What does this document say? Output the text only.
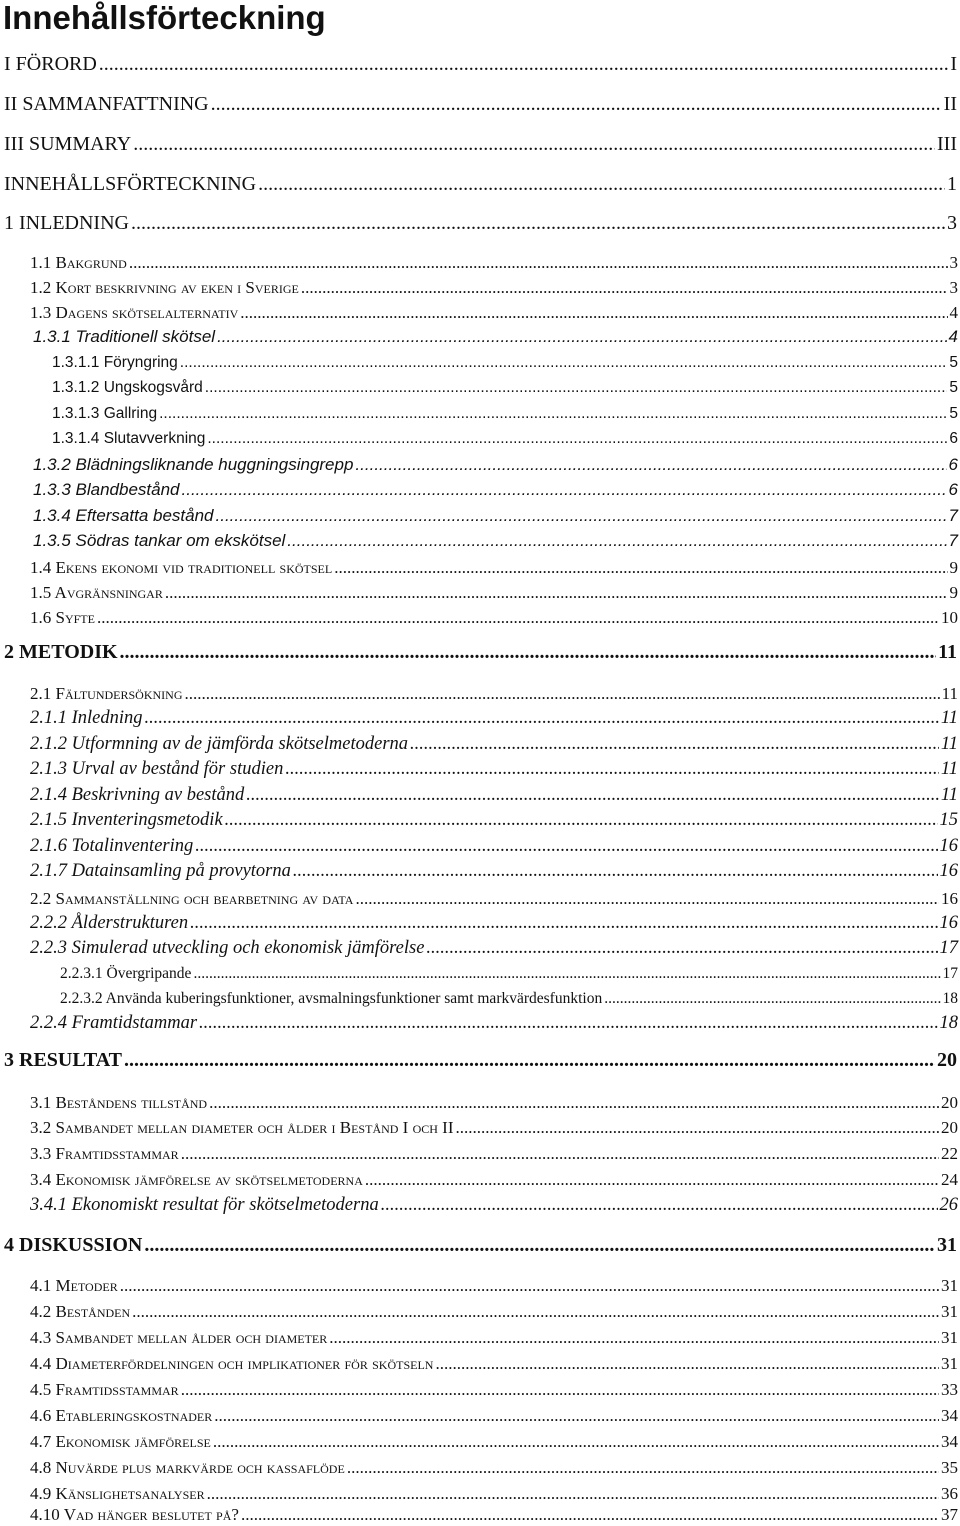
Innehållsförteckning
I FÖRORD .....	I
II SAMMANFATTNING .....	II
III SUMMARY .....	III
INNEHÅLLSFÖRTECKNING .....	1
1 INLEDNING .....	3
1.1 Bakgrund .....	3
1.2 Kort beskrivning av eken i Sverige .....	3
1.3 Dagens skötselalternativ .....	4
1.3.1 Traditionell skötsel .....	4
1.3.1.1 Föryngring .....	5
1.3.1.2 Ungskogsvård .....	5
1.3.1.3 Gallring .....	5
1.3.1.4 Slutavverkning .....	6
1.3.2 Blädningsliknande huggningsingrepp .....	6
1.3.3 Blandbestånd .....	6
1.3.4 Eftersatta bestånd .....	7
1.3.5 Södras tankar om ekskötsel .....	7
1.4 Ekens ekonomi vid traditionell skötsel .....	9
1.5 Avgränsningar .....	9
1.6 Syfte .....	10
2 METODIK .....	11
2.1 Fältundersökning .....	11
2.1.1 Inledning .....	11
2.1.2 Utformning av de jämförda skötselmetoderna .....	11
2.1.3 Urval av bestånd för studien .....	11
2.1.4 Beskrivning av bestånd .....	11
2.1.5 Inventeringsmetodik .....	15
2.1.6 Totalinventering .....	16
2.1.7 Datainsamling på provytorna .....	16
2.2 Sammanställning och bearbetning av data .....	16
2.2.2 Ålderstrukturen .....	16
2.2.3 Simulerad utveckling och ekonomisk jämförelse .....	17
2.2.3.1 Övergripande .....	17
2.2.3.2 Använda kuberingsfunktioner, avsmalningsfunktioner samt markvärdesfunktion .....	18
2.2.4 Framtidstammar .....	18
3 RESULTAT .....	20
3.1 Beståndens tillstånd .....	20
3.2 Sambandet mellan diameter och ålder i Bestånd I och II .....	20
3.3 Framtidsstammar .....	22
3.4 Ekonomisk jämförelse av skötselmetoderna .....	24
3.4.1 Ekonomiskt resultat för skötselmetoderna .....	26
4 DISKUSSION .....	31
4.1 Metoder .....	31
4.2 Bestånden .....	31
4.3 Sambandet mellan ålder och diameter .....	31
4.4 Diameterfördelningen och implikationer för skötseln .....	31
4.5 Framtidsstammar .....	33
4.6 Etableringskostnader .....	34
4.7 Ekonomisk jämförelse .....	34
4.8 Nuvärde plus markvärde och kassaflöde .....	35
4.9 Känslighetsanalyser .....	36
4.10 Vad hänger beslutet på? .....	37
